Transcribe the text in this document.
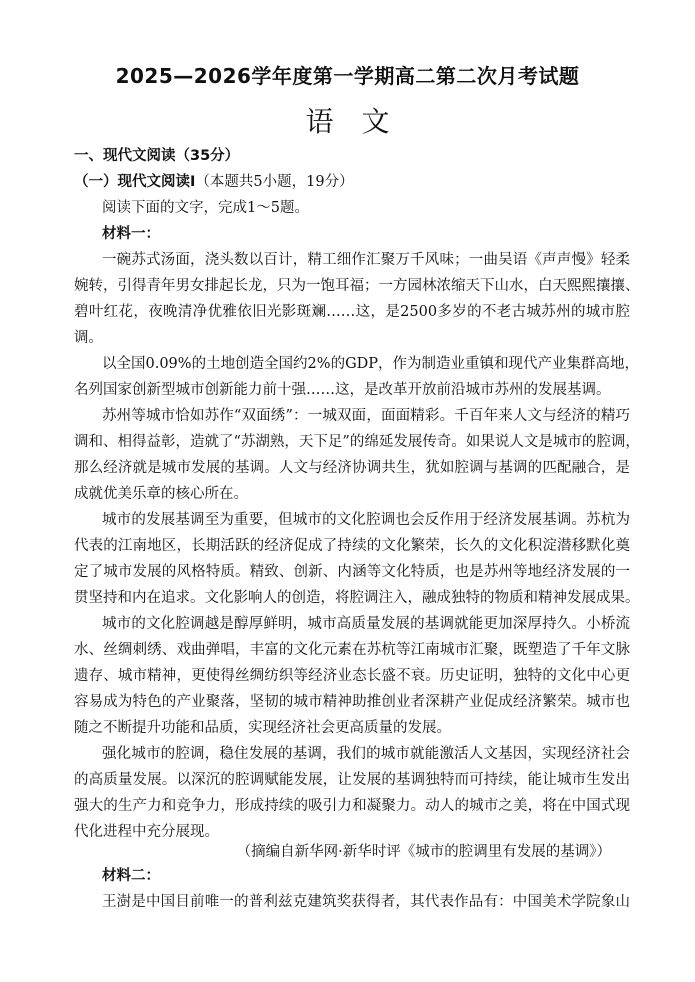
2025—2026学年度第一学期高二第二次月考试题
语文
一、现代文阅读（35分）
（一）现代文阅读Ⅰ（本题共5小题，19分）
阅读下面的文字，完成1～5题。
材料一：
一碗苏式汤面，浇头数以百计，精工细作汇聚万千风味；一曲吴语《声声慢》轻柔
婉转，引得青年男女排起长龙，只为一饱耳福；一方园林浓缩天下山水，白天熙熙攘攘、
碧叶红花，夜晚清净优雅依旧光影斑斓……这，是2500多岁的不老古城苏州的城市腔
调。
以全国0.09%的土地创造全国约2%的GDP，作为制造业重镇和现代产业集群高地，
名列国家创新型城市创新能力前十强……这，是改革开放前沿城市苏州的发展基调。
苏州等城市恰如苏作“双面绣”：一城双面，面面精彩。千百年来人文与经济的精巧
调和、相得益彰，造就了“苏湖熟，天下足”的绵延发展传奇。如果说人文是城市的腔调，
那么经济就是城市发展的基调。人文与经济协调共生，犹如腔调与基调的匹配融合，是
成就优美乐章的核心所在。
城市的发展基调至为重要，但城市的文化腔调也会反作用于经济发展基调。苏杭为
代表的江南地区，长期活跃的经济促成了持续的文化繁荣，长久的文化积淀潜移默化奠
定了城市发展的风格特质。精致、创新、内涵等文化特质，也是苏州等地经济发展的一
贯坚持和内在追求。文化影响人的创造，将腔调注入，融成独特的物质和精神发展成果。
城市的文化腔调越是醇厚鲜明，城市高质量发展的基调就能更加深厚持久。小桥流
水、丝绸刺绣、戏曲弹唱，丰富的文化元素在苏杭等江南城市汇聚，既塑造了千年文脉
遗存、城市精神，更使得丝绸纺织等经济业态长盛不衰。历史证明，独特的文化中心更
容易成为特色的产业聚落，坚韧的城市精神助推创业者深耕产业促成经济繁荣。城市也
随之不断提升功能和品质，实现经济社会更高质量的发展。
强化城市的腔调，稳住发展的基调，我们的城市就能激活人文基因，实现经济社会
的高质量发展。以深沉的腔调赋能发展，让发展的基调独特而可持续，能让城市生发出
强大的生产力和竞争力，形成持续的吸引力和凝聚力。动人的城市之美，将在中国式现
代化进程中充分展现。
（摘编自新华网·新华时评《城市的腔调里有发展的基调》）
材料二：
王澍是中国目前唯一的普利兹克建筑奖获得者，其代表作品有：中国美术学院象山
